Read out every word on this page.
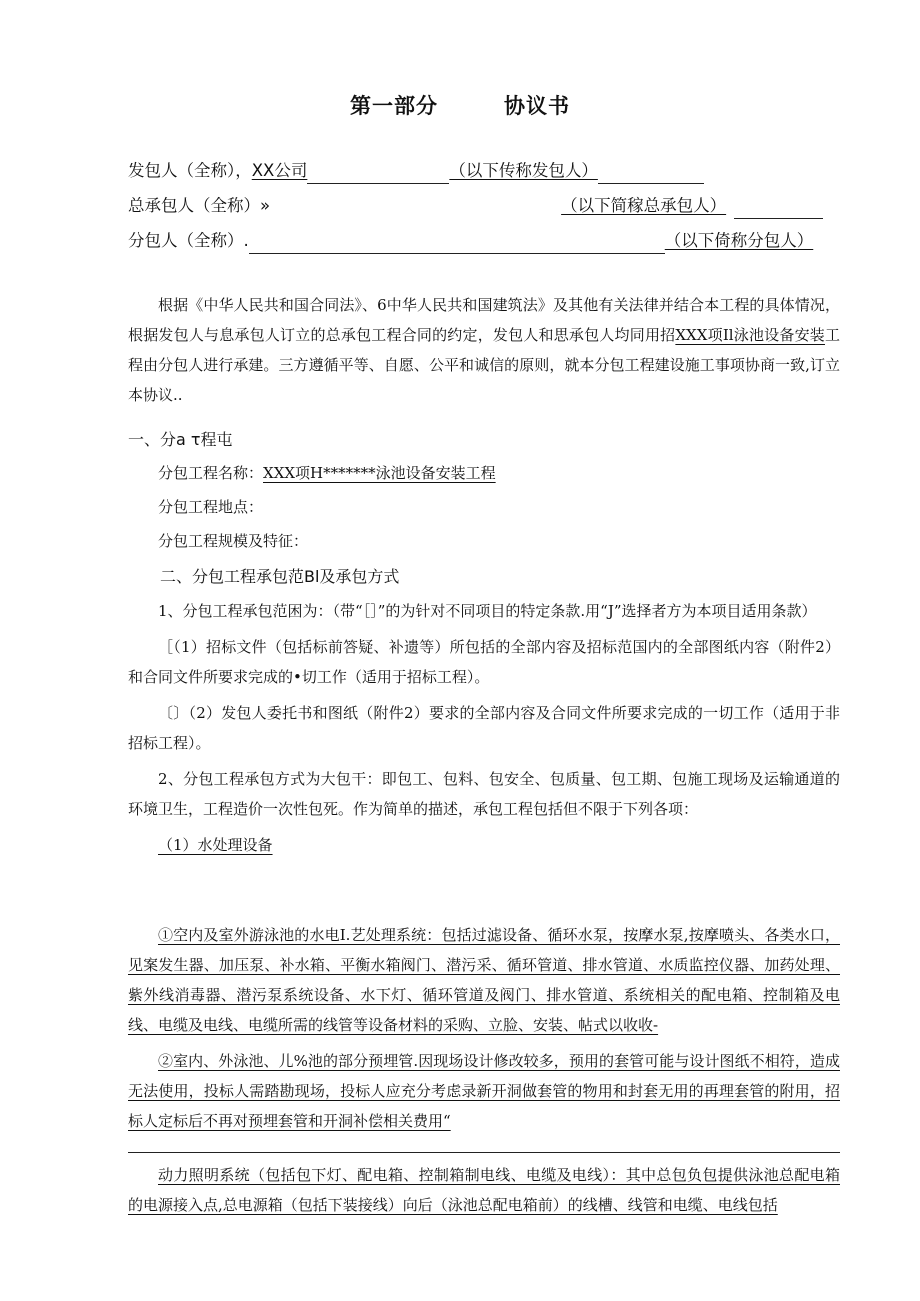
第一部分	协议书
发包人（全称），XX公司	（以下传称发包人）
总承包人（全称）»	（以下简稼总承包人）
分包人（全称）.	（以下倚称分包人）

根据《中华人民共和国合同法》、6中华人民共和国建筑法》及其他有关法律并结合本工程的具体情况，根据发包人与息承包人订立的总承包工程合同的约定，发包人和思承包人均同用招XXX项Il泳池设备安装工程由分包人进行承建。三方遵循平等、自愿、公平和诚信的原则，就本分包工程建设施工事项协商一致,订立本协议..

一、分a τ程屯

分包工程名称：XXX项H*******泳池设备安装工程

分包工程地点：

分包工程规模及特征：

二、分包工程承包范Bl及承包方式

1、分包工程承包范困为：（带“［］”的为针对不同项目的特定条款.用“J”选择者方为本项目适用条款）

［（1）招标文件（包括标前答疑、补遗等）所包括的全部内容及招标范国内的全部图纸内容（附件2）和合同文件所要求完成的•切工作（适用于招标工程）。

〔〕（2）发包人委托书和图纸（附件2）要求的全部内容及合同文件所要求完成的一切工作（适用于非招标工程）。

2、分包工程承包方式为大包干：即包工、包料、包安全、包质量、包工期、包施工现场及运输通道的环境卫生，工程造价一次性包死。作为简单的描述，承包工程包括但不限于下列各项：

（1）水处理设备

①空内及室外游泳池的水电I.艺处理系统：包括过滤设备、循环水泵，按摩水泵,按摩喷头、各类水口，见案发生器、加压泵、补水箱、平衡水箱阀门、潜污采、循环管道、排水管道、水质监控仪器、加药处理、紫外线消毒器、潜污泵系统设备、水下灯、循环管道及阀门、排水管道、系统相关的配电箱、控制箱及电线、电缆及电线、电缆所需的线管等设备材料的采购、立脸、安装、帖式以收收-

②室内、外泳池、儿%池的部分预埋管.因现场设计修改较多，预用的套管可能与设计图纸不相符，造成无法使用，投标人需踏勘现场，投标人应充分考虑录新开洞做套管的物用和封套无用的再理套管的附用，招标人定标后不再对预埋套管和开洞补偿相关费用“

动力照明系统（包括包下灯、配电箱、控制箱制电线、电缆及电线）：其中总包负包提供泳池总配电箱的电源接入点,总电源箱（包括下装接线）向后（泳池总配电箱前）的线槽、线管和电缆、电线包括
